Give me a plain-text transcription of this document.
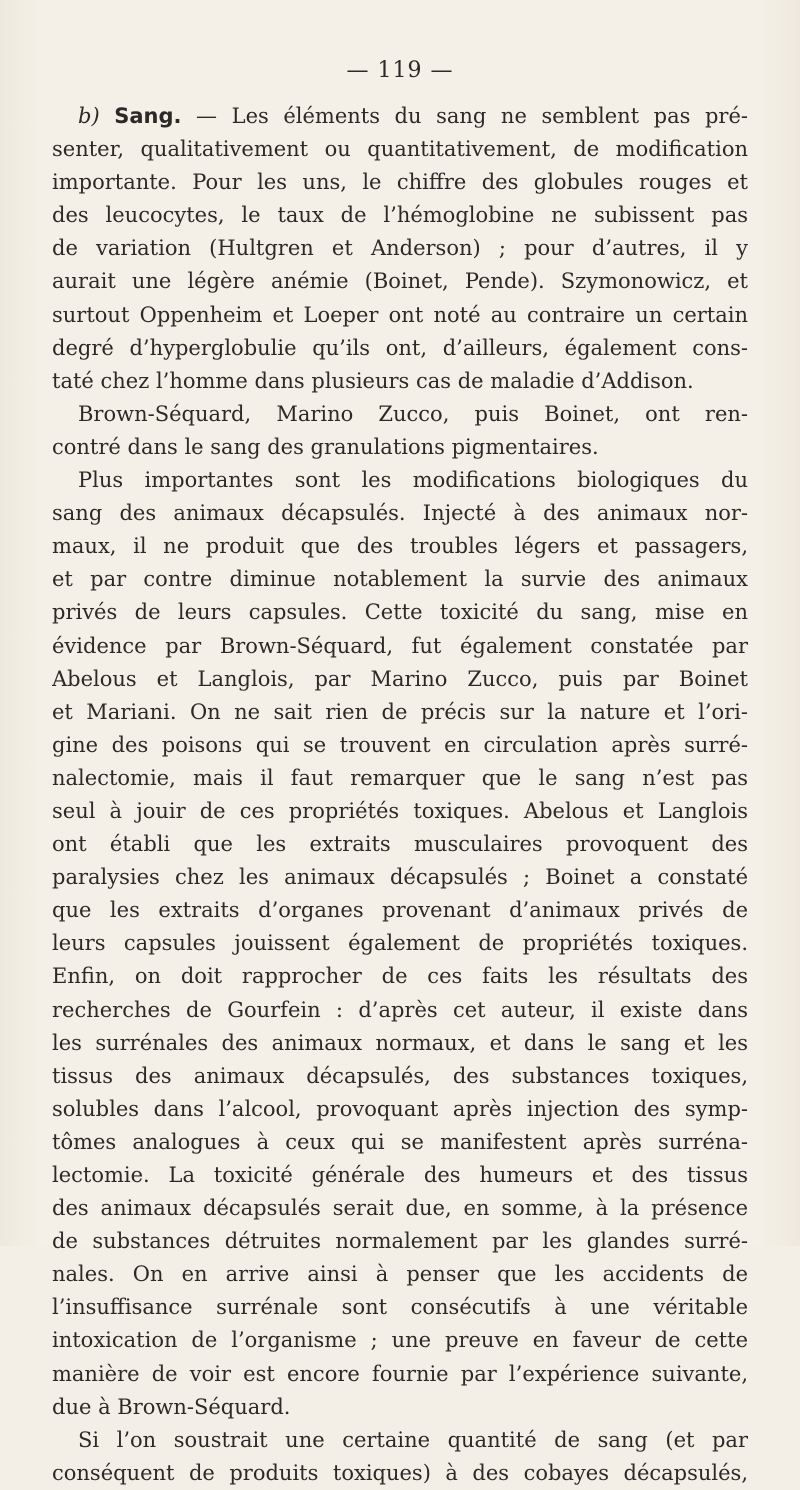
— 119 —
b) Sang. — Les éléments du sang ne semblent pas pré-
senter, qualitativement ou quantitativement, de modification
importante. Pour les uns, le chiffre des globules rouges et
des leucocytes, le taux de l’hémoglobine ne subissent pas
de variation (Hultgren et Anderson) ; pour d’autres, il y
aurait une légère anémie (Boinet, Pende). Szymonowicz, et
surtout Oppenheim et Loeper ont noté au contraire un certain
degré d’hyperglobulie qu’ils ont, d’ailleurs, également cons-
taté chez l’homme dans plusieurs cas de maladie d’Addison.
Brown-Séquard, Marino Zucco, puis Boinet, ont ren-
contré dans le sang des granulations pigmentaires.
Plus importantes sont les modifications biologiques du
sang des animaux décapsulés. Injecté à des animaux nor-
maux, il ne produit que des troubles légers et passagers,
et par contre diminue notablement la survie des animaux
privés de leurs capsules. Cette toxicité du sang, mise en
évidence par Brown-Séquard, fut également constatée par
Abelous et Langlois, par Marino Zucco, puis par Boinet
et Mariani. On ne sait rien de précis sur la nature et l’ori-
gine des poisons qui se trouvent en circulation après surré-
nalectomie, mais il faut remarquer que le sang n’est pas
seul à jouir de ces propriétés toxiques. Abelous et Langlois
ont établi que les extraits musculaires provoquent des
paralysies chez les animaux décapsulés ; Boinet a constaté
que les extraits d’organes provenant d’animaux privés de
leurs capsules jouissent également de propriétés toxiques.
Enfin, on doit rapprocher de ces faits les résultats des
recherches de Gourfein : d’après cet auteur, il existe dans
les surrénales des animaux normaux, et dans le sang et les
tissus des animaux décapsulés, des substances toxiques,
solubles dans l’alcool, provoquant après injection des symp-
tômes analogues à ceux qui se manifestent après surréna-
lectomie. La toxicité générale des humeurs et des tissus
des animaux décapsulés serait due, en somme, à la présence
de substances détruites normalement par les glandes surré-
nales. On en arrive ainsi à penser que les accidents de
l’insuffisance surrénale sont consécutifs à une véritable
intoxication de l’organisme ; une preuve en faveur de cette
manière de voir est encore fournie par l’expérience suivante,
due à Brown-Séquard.
Si l’on soustrait une certaine quantité de sang (et par
conséquent de produits toxiques) à des cobayes décapsulés,
